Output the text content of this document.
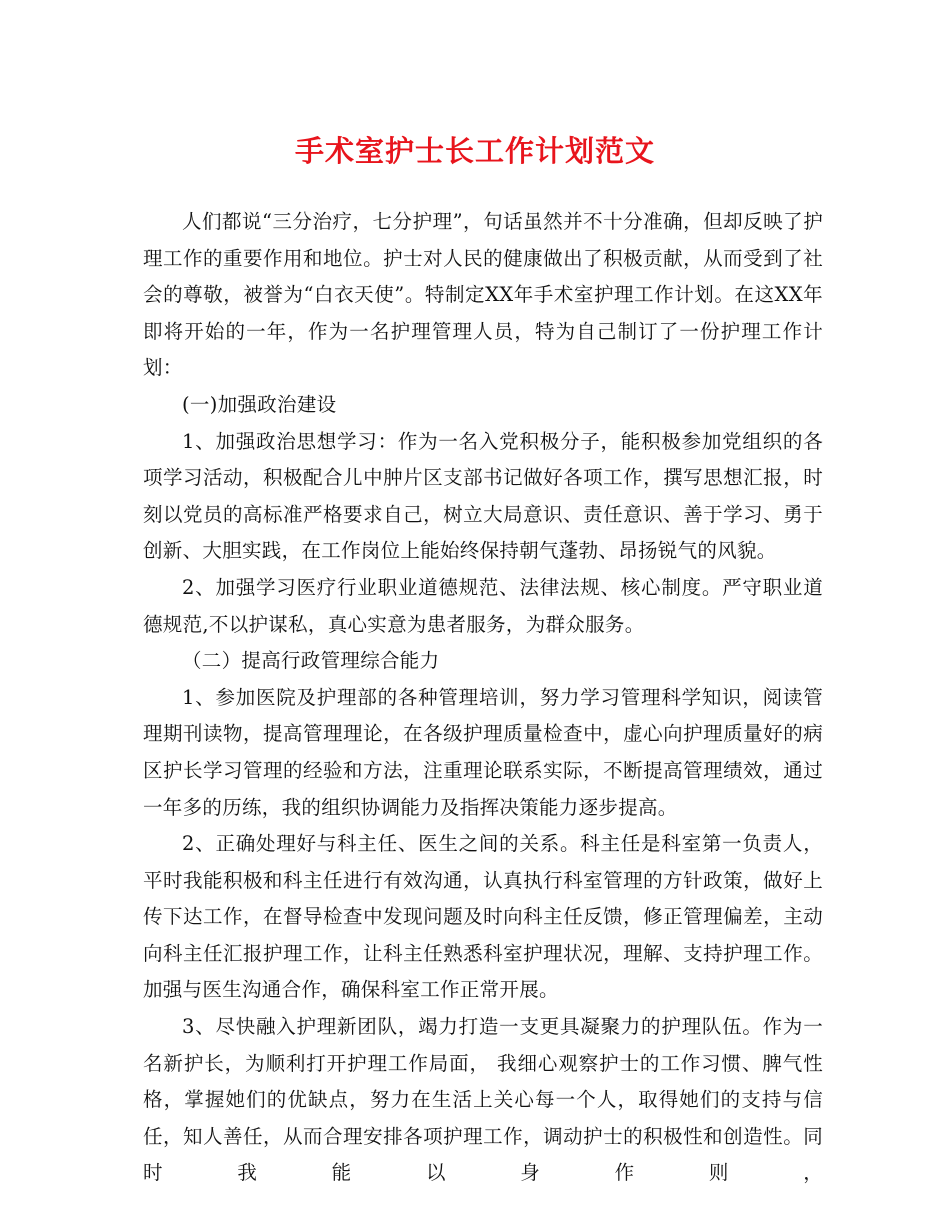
手术室护士长工作计划范文

人们都说“三分治疗，七分护理”，句话虽然并不十分准确，但却反映了护理工作的重要作用和地位。护士对人民的健康做出了积极贡献，从而受到了社会的尊敬，被誉为“白衣天使”。特制定XX年手术室护理工作计划。在这XX年即将开始的一年，作为一名护理管理人员，特为自己制订了一份护理工作计划：

(一)加强政治建设

1、加强政治思想学习：作为一名入党积极分子，能积极参加党组织的各项学习活动，积极配合儿中肿片区支部书记做好各项工作，撰写思想汇报，时刻以党员的高标准严格要求自己，树立大局意识、责任意识、善于学习、勇于创新、大胆实践，在工作岗位上能始终保持朝气蓬勃、昂扬锐气的风貌。

2、加强学习医疗行业职业道德规范、法律法规、核心制度。严守职业道德规范,不以护谋私，真心实意为患者服务，为群众服务。

（二）提高行政管理综合能力

1、参加医院及护理部的各种管理培训，努力学习管理科学知识，阅读管理期刊读物，提高管理理论，在各级护理质量检查中，虚心向护理质量好的病区护长学习管理的经验和方法，注重理论联系实际，不断提高管理绩效，通过一年多的历练，我的组织协调能力及指挥决策能力逐步提高。

2、正确处理好与科主任、医生之间的关系。科主任是科室第一负责人，平时我能积极和科主任进行有效沟通，认真执行科室管理的方针政策，做好上传下达工作，在督导检查中发现问题及时向科主任反馈，修正管理偏差，主动向科主任汇报护理工作，让科主任熟悉科室护理状况，理解、支持护理工作。加强与医生沟通合作，确保科室工作正常开展。

3、尽快融入护理新团队，竭力打造一支更具凝聚力的护理队伍。作为一名新护长，为顺利打开护理工作局面， 我细心观察护士的工作习惯、脾气性格，掌握她们的优缺点，努力在生活上关心每一个人，取得她们的支持与信任，知人善任，从而合理安排各项护理工作，调动护士的积极性和创造性。同时我能以身作则，
